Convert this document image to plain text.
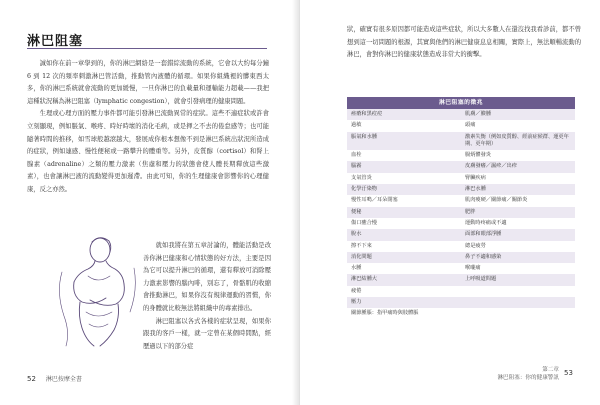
淋巴阻塞

誠如你在前一章學到的，你的淋巴網絡是一套錯綜流動的系統，它會以大約每分鐘 6 到 12 次的頻率刺激淋巴管活動，推動管內液體的循環。如果你組織裡的髒東西太多，你的淋巴系統就會流動的更加緩慢，一旦你淋巴的負載量和運輸能力超載——我把這種狀況稱為淋巴阻塞（lymphatic congestion），就會引發病理的健康問題。

生理或心理方面的壓力事件都可能引發淋巴流動異常的症狀。這些不適症狀或許會立刻顯現，例如脹氣、喉疼、時好時壞的消化毛病，或是揮之不去的倦怠感等；也可能隨著時間的推移，如雪球般越滾越大，發展成你根本想像不到是淋巴系統出狀況所造成的症狀，例如連感、慢性便秘或一路攀升的體重等。另外，皮質醇（cortisol）和腎上腺素（adrenaline）之類的壓力激素（焦慮和壓力的狀態會使人體長期釋放這些激素），也會讓淋巴液的流動變得更加遲滯。由此可知，你的生理健康會影響你的心理健康，反之亦然。

就如我將在第五章討論的，體能活動是改善你淋巴健康和心情狀態的好方法，主要是因為它可以提升淋巴的循環，還有釋放可消除壓力激素影響的腦內啡，別忘了，骨骼肌的收縮會推動淋巴，如果你沒有規律運動的習慣，你的身體就比較無法將組織中的毒素排出。

淋巴阻塞以各式各樣的症狀呈現，如果你跟我的客戶一樣，就一定曾在某個時間點，經歷過以下的部分症

52 淋巴按摩全書
狀，確實有很多原因都可能造成這些症狀，所以大多數人在還沒找我看診前，都不曾想到這一切問題的根源，其實與他們的淋巴健康息息相關，實際上，無法順暢流動的淋巴，會對你淋巴的健康狀態造成非常大的衝擊。
淋巴阻塞的徵兆
痤瘡和黑痘痘	肌膚／臉腫
過敏	頭痛
脹氣和水腫	激素失衡（例如皮質醇、經前症候群、運更年期、更年期）
血栓	腸炳體發炎
腦霧	皮膚發癢／濕疹／出疹
支氣管炎	腎臟疾病
化學汙染物	淋巴水腫
慢性耳鳴／耳朵閉塞	肌肉痠硬／關節痛／關節炎
便秘	肥胖
傷口癒合慢	運動時疼痛或不適
脫水	面部和眼部浮腫
擦不下來	總是疲勞
消化問題	鼻子不適和感染
水腫	喉嚨痛
淋巴結腫大	上呼吸道問題
疲倦
壓力
關節腫脹：指甲痛時與肢體脹
第二章
淋巴阻塞：你的健康警訊
53
